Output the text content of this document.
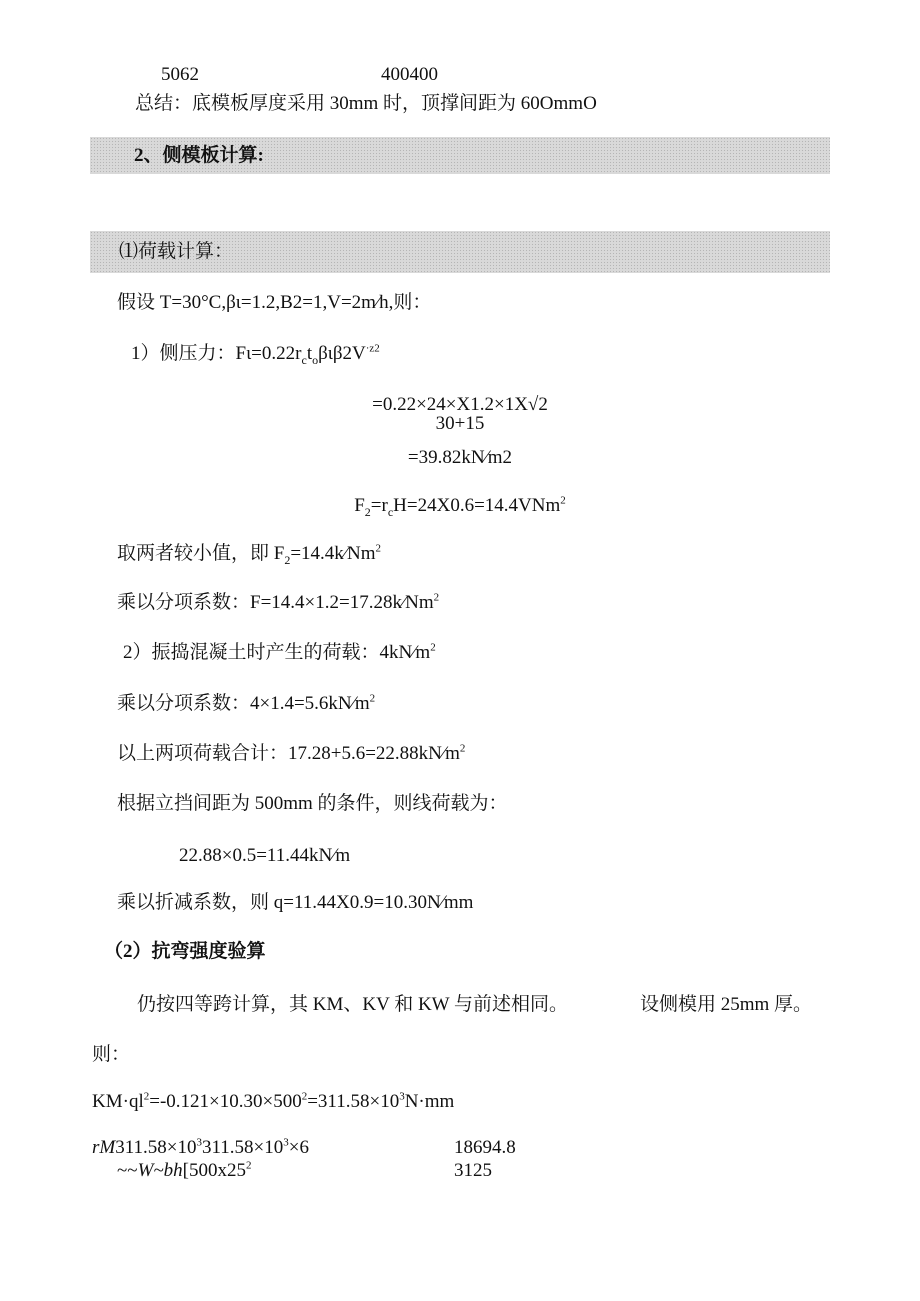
5062	400400
总结：底模板厚度采用 30mm 时，顶撑间距为 60OmmO
2、侧模板计算:
⑴荷载计算：
假设 T=30°C,βι=1.2,B2=1,V=2m⁄h,则：
1）侧压力：$F\iota=0.22r_ct_o\beta\iota\beta 2V^{\cdot z2}$
=0.22×24×X1.2×1X√2
30+15
=39.82kN⁄m2
$F_2=r_cH=24X0.6=14.4VNm^2$
取两者较小值，即 $F_2=14.4k⁄Nm^2$
乘以分项系数：$F=14.4\times 1.2=17.28k⁄Nm^2$
2）振捣混凝土时产生的荷载：$4kN⁄m^2$
乘以分项系数：$4\times 1.4=5.6kN⁄m^2$
以上两项荷载合计：$17.28+5.6=22.88kN⁄m^2$
根据立挡间距为 500mm 的条件，则线荷载为：
22.88×0.5=11.44kN⁄m
乘以折减系数，则 q=11.44X0.9=10.30N⁄mm
（2）抗弯强度验算
仍按四等跨计算，其 KM、KV 和 KW 与前述相同。	设侧模用 25mm 厚。
则：
$KM\cdot ql^2=-0.121\times 10.30\times 500^2=311.58\times 10^3N\cdot mm$
$rM311.58\times 10^3311.58\times 10^3\times 6$	18694.8
$\sim\sim W\sim bh[500x25^2$	3125
